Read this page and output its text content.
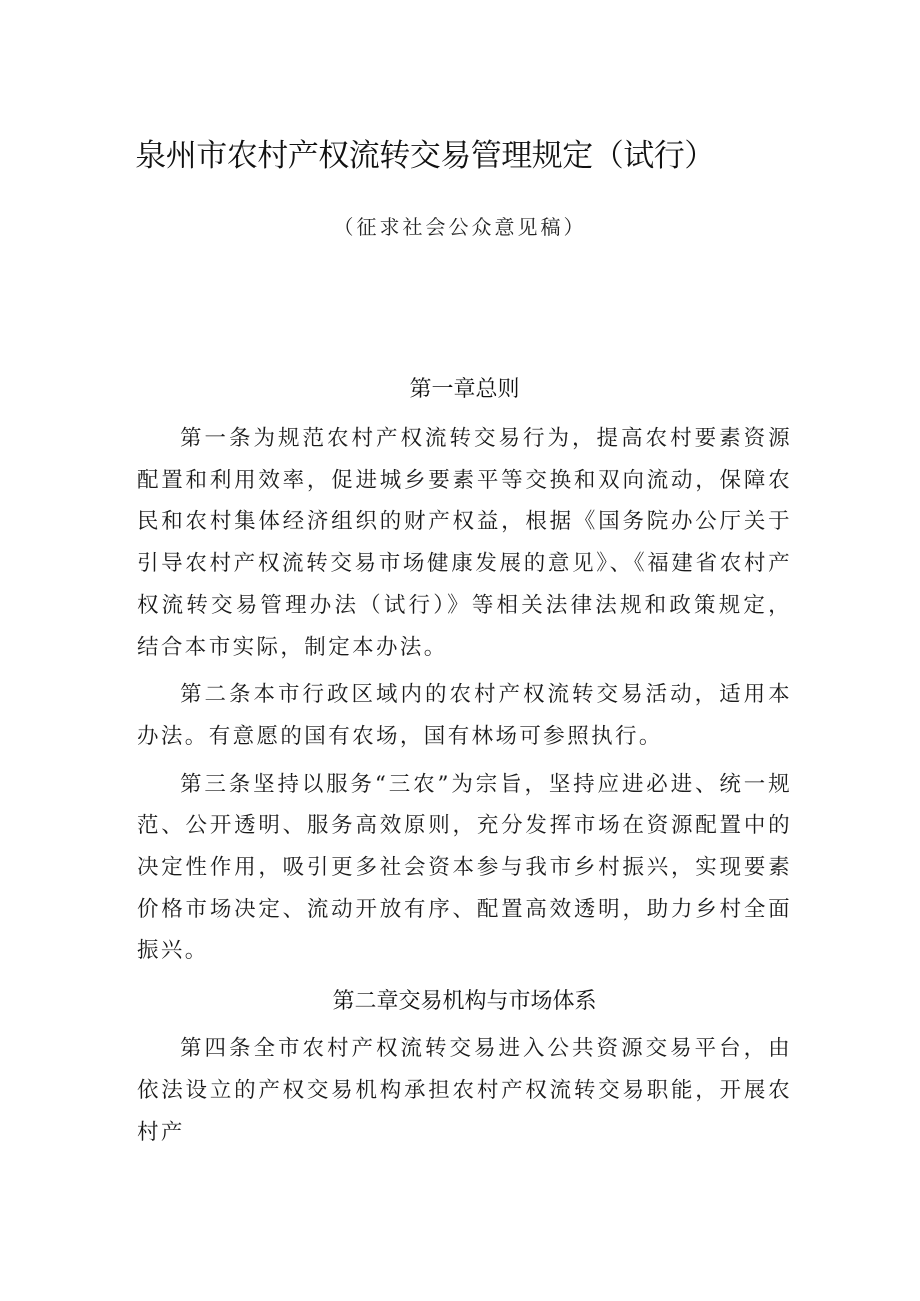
泉州市农村产权流转交易管理规定（试行）
（征求社会公众意见稿）
第一章总则

第一条为规范农村产权流转交易行为，提高农村要素资源配置和利用效率，促进城乡要素平等交换和双向流动，保障农民和农村集体经济组织的财产权益，根据《国务院办公厅关于引导农村产权流转交易市场健康发展的意见》、《福建省农村产权流转交易管理办法（试行）》等相关法律法规和政策规定，结合本市实际，制定本办法。

第二条本市行政区域内的农村产权流转交易活动，适用本办法。有意愿的国有农场，国有林场可参照执行。

第三条坚持以服务“三农”为宗旨，坚持应进必进、统一规范、公开透明、服务高效原则，充分发挥市场在资源配置中的决定性作用，吸引更多社会资本参与我市乡村振兴，实现要素价格市场决定、流动开放有序、配置高效透明，助力乡村全面振兴。

第二章交易机构与市场体系

第四条全市农村产权流转交易进入公共资源交易平台，由依法设立的产权交易机构承担农村产权流转交易职能，开展农村产
